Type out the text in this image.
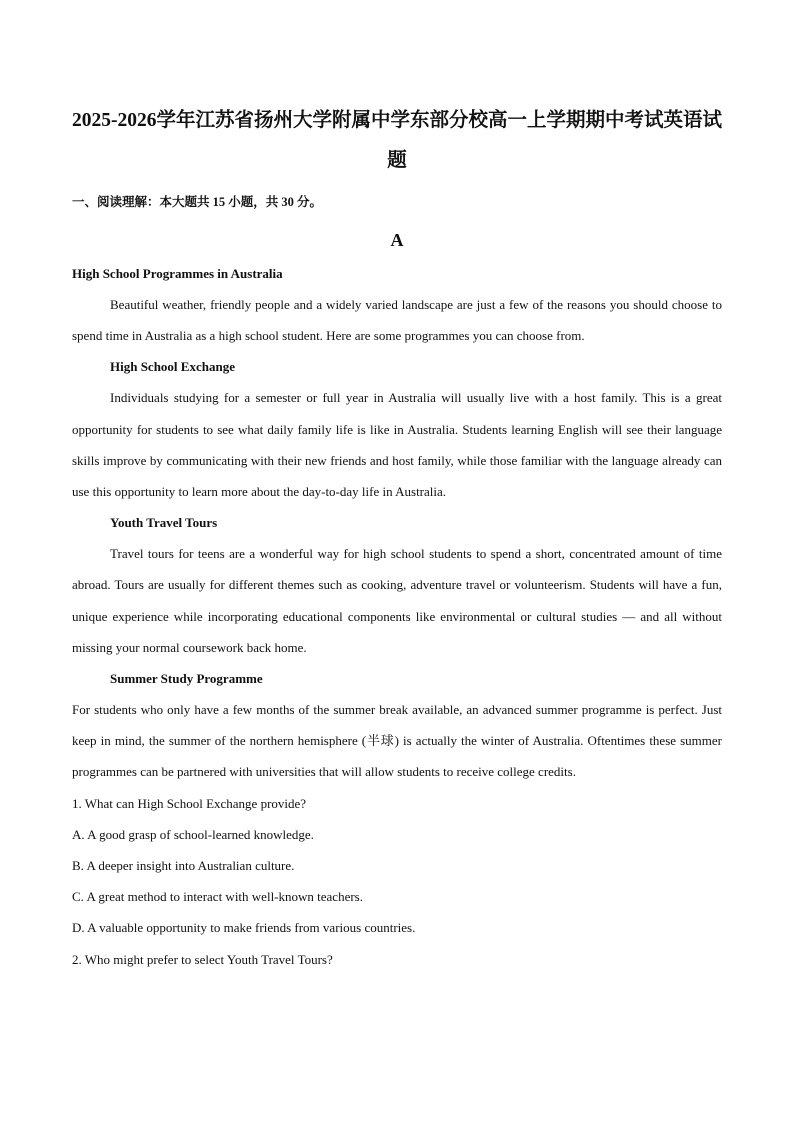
2025-2026学年江苏省扬州大学附属中学东部分校高一上学期期中考试英语试题
一、阅读理解：本大题共 15 小题，共 30 分。
A
High School Programmes in Australia

Beautiful weather, friendly people and a widely varied landscape are just a few of the reasons you should choose to spend time in Australia as a high school student. Here are some programmes you can choose from.

High School Exchange

Individuals studying for a semester or full year in Australia will usually live with a host family. This is a great opportunity for students to see what daily family life is like in Australia. Students learning English will see their language skills improve by communicating with their new friends and host family, while those familiar with the language already can use this opportunity to learn more about the day-to-day life in Australia.

Youth Travel Tours

Travel tours for teens are a wonderful way for high school students to spend a short, concentrated amount of time abroad. Tours are usually for different themes such as cooking, adventure travel or volunteerism. Students will have a fun, unique experience while incorporating educational components like environmental or cultural studies — and all without missing your normal coursework back home.

Summer Study Programme

For students who only have a few months of the summer break available, an advanced summer programme is perfect. Just keep in mind, the summer of the northern hemisphere (半球) is actually the winter of Australia. Oftentimes these summer programmes can be partnered with universities that will allow students to receive college credits.

1. What can High School Exchange provide?
A. A good grasp of school-learned knowledge.
B. A deeper insight into Australian culture.
C. A great method to interact with well-known teachers.
D. A valuable opportunity to make friends from various countries.
2. Who might prefer to select Youth Travel Tours?
